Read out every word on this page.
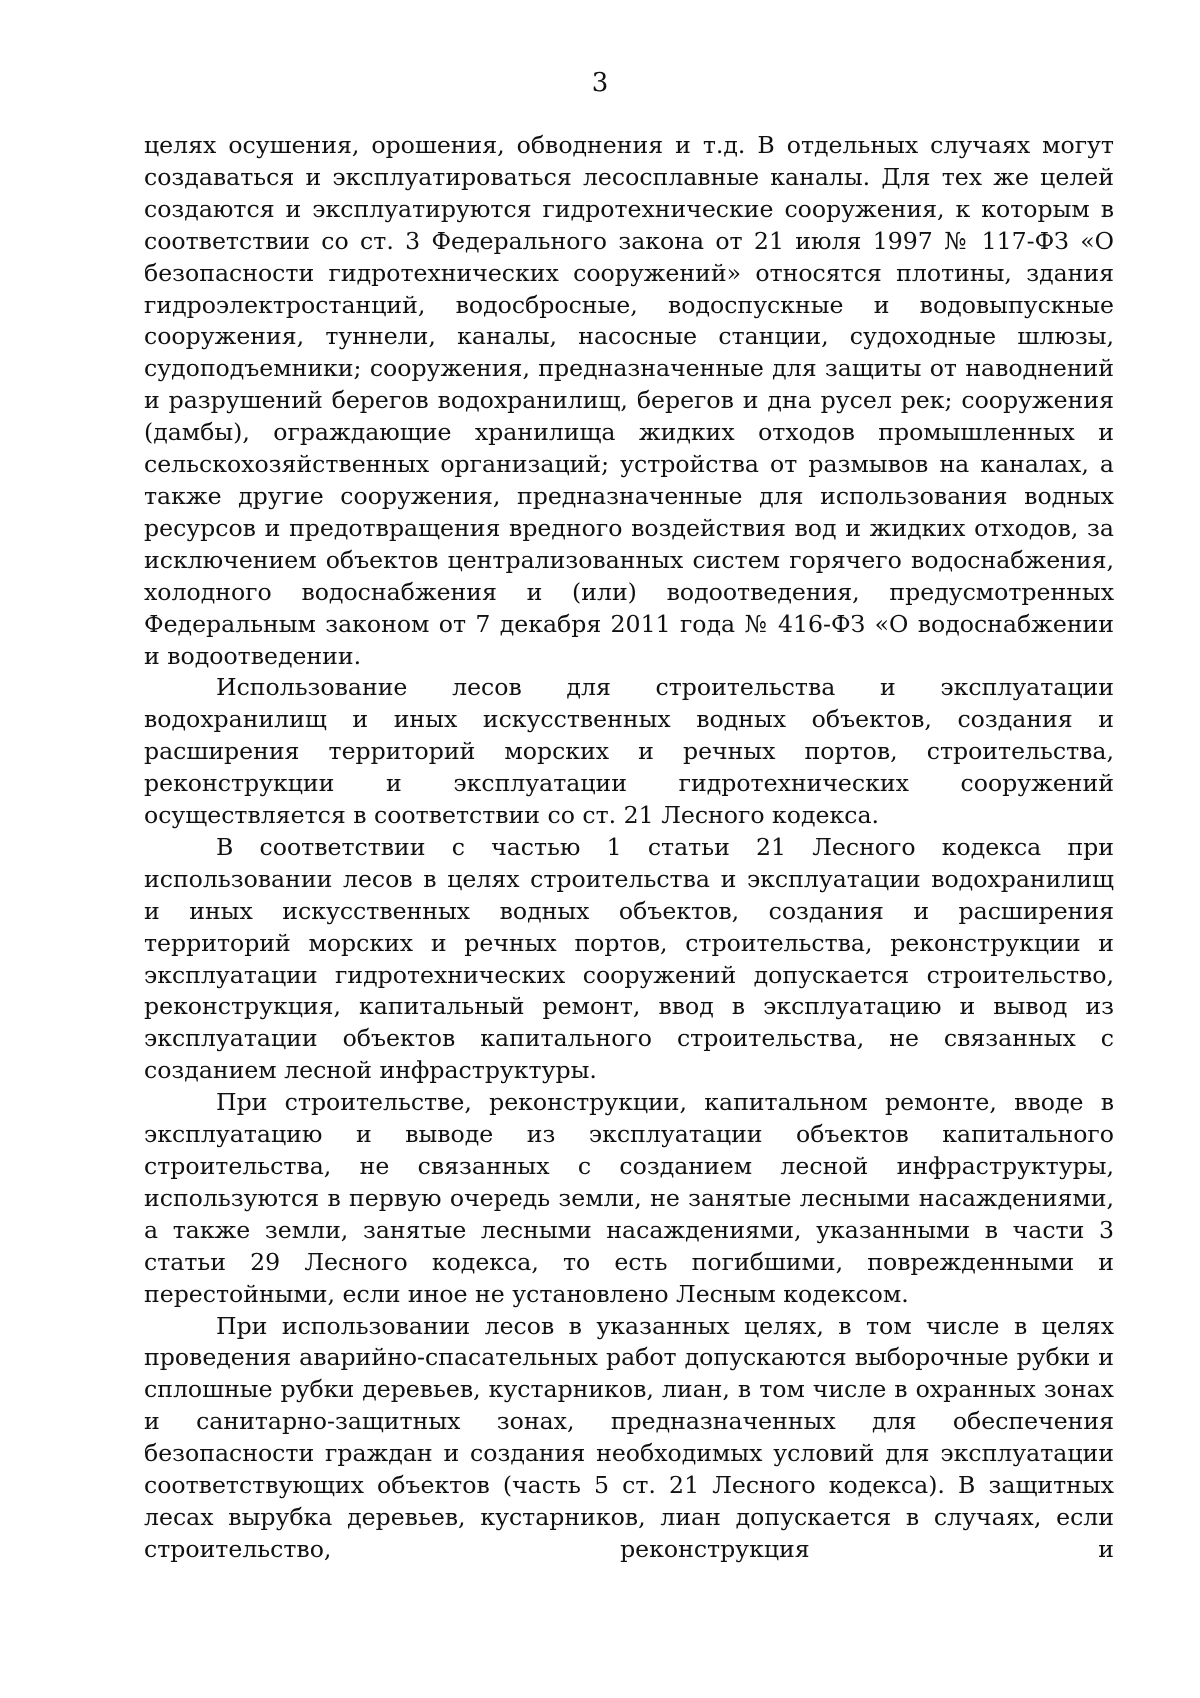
3

целях осушения, орошения, обводнения и т.д. В отдельных случаях могут создаваться и эксплуатироваться лесосплавные каналы. Для тех же целей создаются и эксплуатируются гидротехнические сооружения, к которым в соответствии со ст. 3 Федерального закона от 21 июля 1997 № 117-ФЗ «О безопасности гидротехнических сооружений» относятся плотины, здания гидроэлектростанций, водосбросные, водоспускные и водовыпускные сооружения, туннели, каналы, насосные станции, судоходные шлюзы, судоподъемники; сооружения, предназначенные для защиты от наводнений и разрушений берегов водохранилищ, берегов и дна русел рек; сооружения (дамбы), ограждающие хранилища жидких отходов промышленных и сельскохозяйственных организаций; устройства от размывов на каналах, а также другие сооружения, предназначенные для использования водных ресурсов и предотвращения вредного воздействия вод и жидких отходов, за исключением объектов централизованных систем горячего водоснабжения, холодного водоснабжения и (или) водоотведения, предусмотренных Федеральным законом от 7 декабря 2011 года № 416-ФЗ «О водоснабжении и водоотведении.

Использование лесов для строительства и эксплуатации водохранилищ и иных искусственных водных объектов, создания и расширения территорий морских и речных портов, строительства, реконструкции и эксплуатации гидротехнических сооружений осуществляется в соответствии со ст. 21 Лесного кодекса.

В соответствии с частью 1 статьи 21 Лесного кодекса при использовании лесов в целях строительства и эксплуатации водохранилищ и иных искусственных водных объектов, создания и расширения территорий морских и речных портов, строительства, реконструкции и эксплуатации гидротехнических сооружений допускается строительство, реконструкция, капитальный ремонт, ввод в эксплуатацию и вывод из эксплуатации объектов капитального строительства, не связанных с созданием лесной инфраструктуры.

При строительстве, реконструкции, капитальном ремонте, вводе в эксплуатацию и выводе из эксплуатации объектов капитального строительства, не связанных с созданием лесной инфраструктуры, используются в первую очередь земли, не занятые лесными насаждениями, а также земли, занятые лесными насаждениями, указанными в части 3 статьи 29 Лесного кодекса, то есть погибшими, поврежденными и перестойными, если иное не установлено Лесным кодексом.

При использовании лесов в указанных целях, в том числе в целях проведения аварийно-спасательных работ допускаются выборочные рубки и сплошные рубки деревьев, кустарников, лиан, в том числе в охранных зонах и санитарно-защитных зонах, предназначенных для обеспечения безопасности граждан и создания необходимых условий для эксплуатации соответствующих объектов (часть 5 ст. 21 Лесного кодекса). В защитных лесах вырубка деревьев, кустарников, лиан допускается в случаях, если строительство, реконструкция и
